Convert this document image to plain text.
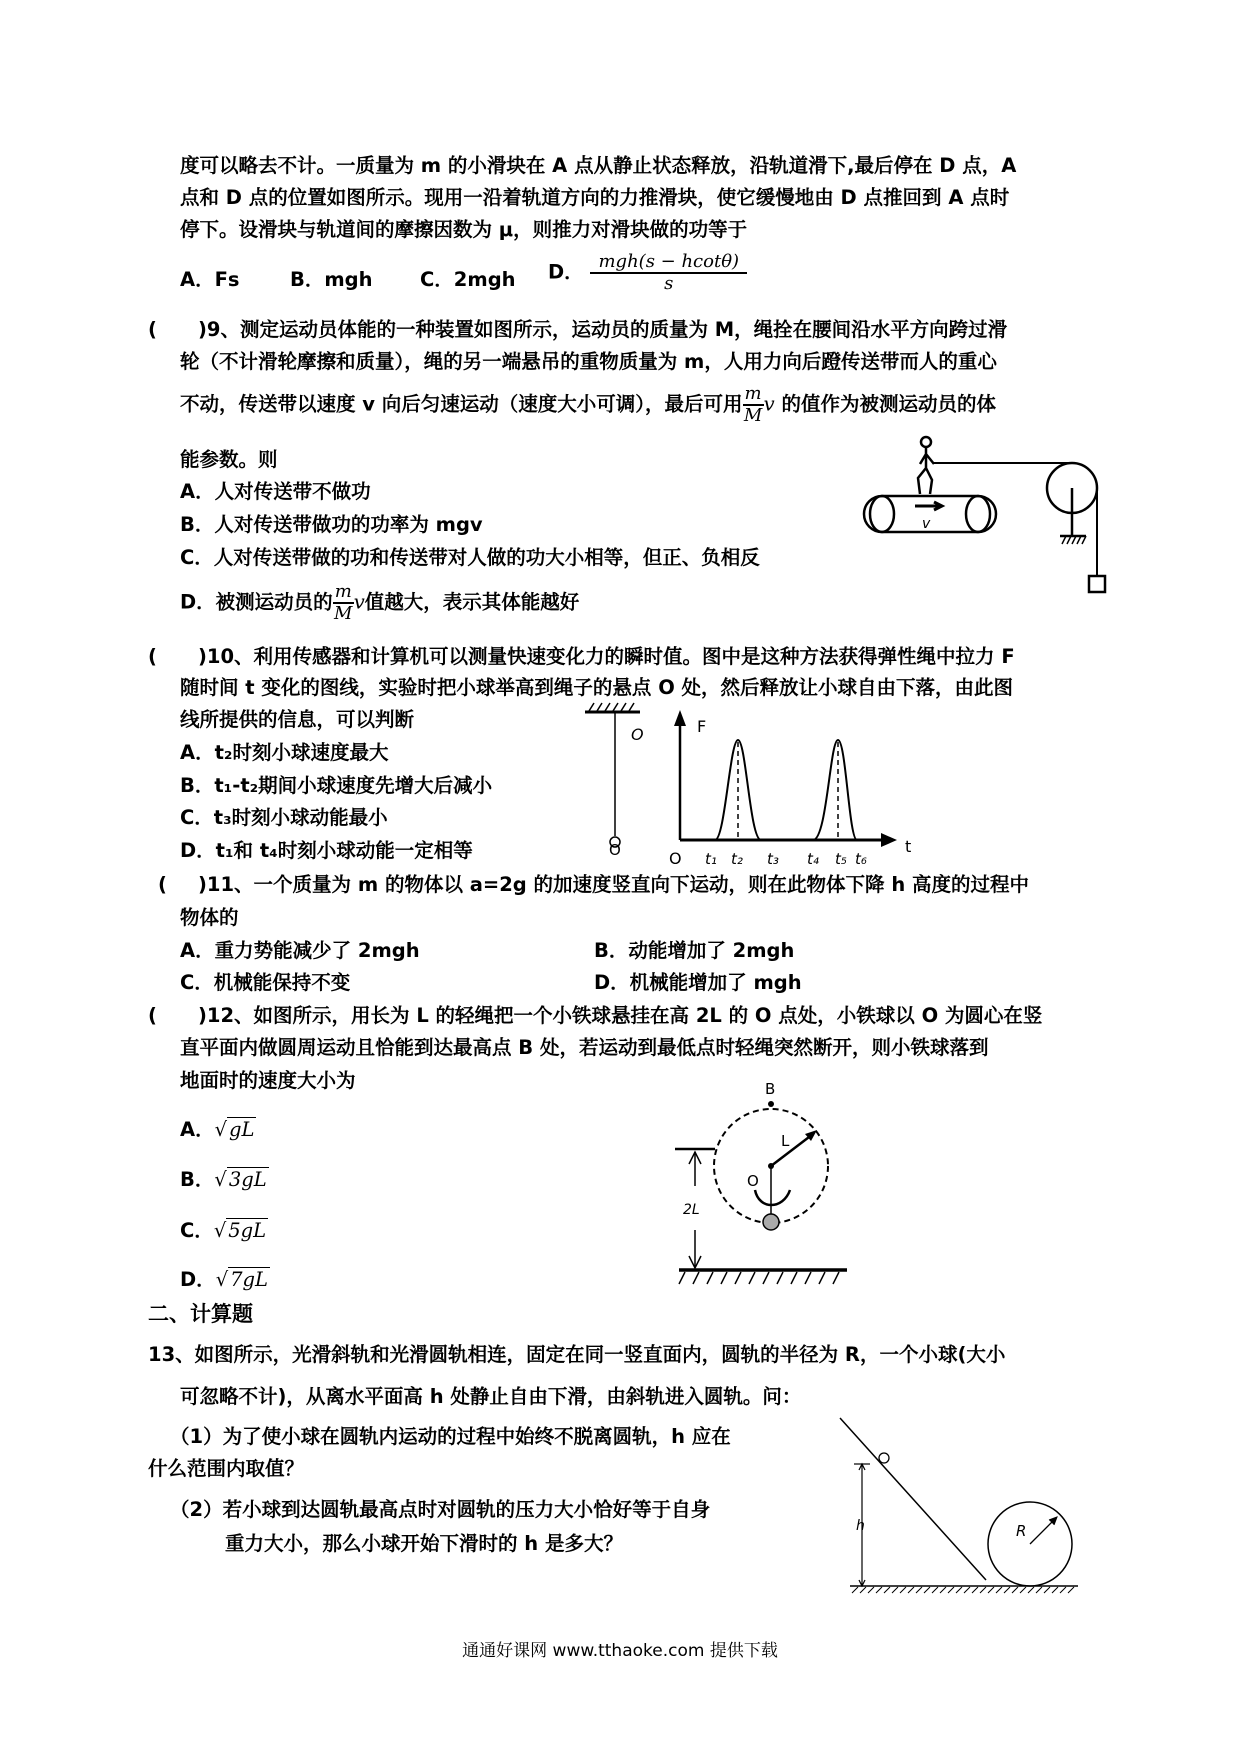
度可以略去不计。一质量为 m 的小滑块在 A 点从静止状态释放，沿轨道滑下,最后停在 D 点，A
点和 D 点的位置如图所示。现用一沿着轨道方向的力推滑块，使它缓慢地由 D 点推回到 A 点时
停下。设滑块与轨道间的摩擦因数为 μ，则推力对滑块做的功等于
A．Fs	B．mgh C．2mgh D． $\frac{\text{mgh(s − hcotθ)}}{s}$
( )9、测定运动员体能的一种装置如图所示，运动员的质量为 M，绳拴在腰间沿水平方向跨过滑
轮（不计滑轮摩擦和质量），绳的另一端悬吊的重物质量为 m，人用力向后蹬传送带而人的重心
不动，传送带以速度 v 向后匀速运动（速度大小可调），最后可用 $\frac{m}{M}$ v 的值作为被测运动员的体
能参数。则
A．人对传送带不做功
B．人对传送带做功的功率为 mgv
C．人对传送带做的功和传送带对人做的功大小相等，但正、负相反
D．被测运动员的 $\frac{m}{M}$ v值越大，表示其体能越好
v
( )10、利用传感器和计算机可以测量快速变化力的瞬时值。图中是这种方法获得弹性绳中拉力 F
随时间 t 变化的图线，实验时把小球举高到绳子的悬点 O 处，然后释放让小球自由下落，由此图
线所提供的信息，可以判断
A．t₂时刻小球速度最大
B．t₁-t₂期间小球速度先增大后减小
C．t₃时刻小球动能最小
D．t₁和 t₄时刻小球动能一定相等
O	F
t
O
O	t₁ t₂ t₃ t₄ t₅ t₆
( )11、一个质量为 m 的物体以 a=2g 的加速度竖直向下运动，则在此物体下降 h 高度的过程中
物体的
A．重力势能减少了 2mgh	B．动能增加了 2mgh
C．机械能保持不变	D．机械能增加了 mgh
( )12、如图所示，用长为 L 的轻绳把一个小铁球悬挂在高 2L 的 O 点处，小铁球以 O 为圆心在竖
直平面内做圆周运动且恰能到达最高点 B 处，若运动到最低点时轻绳突然断开，则小铁球落到
地面时的速度大小为
A．√ gL
B．√ 3gL
C．√ 5gL
D．√ 7gL
B
L
O
2L
二、计算题
13、如图所示，光滑斜轨和光滑圆轨相连，固定在同一竖直面内，圆轨的半径为 R，一个小球(大小
可忽略不计)，从离水平面高 h 处静止自由下滑，由斜轨进入圆轨。问：
（1）为了使小球在圆轨内运动的过程中始终不脱离圆轨，h 应在
什么范围内取值？
（2）若小球到达圆轨最高点时对圆轨的压力大小恰好等于自身
重力大小，那么小球开始下滑时的 h 是多大？
h	R
通通好课网 www.tthaoke.com 提供下载
